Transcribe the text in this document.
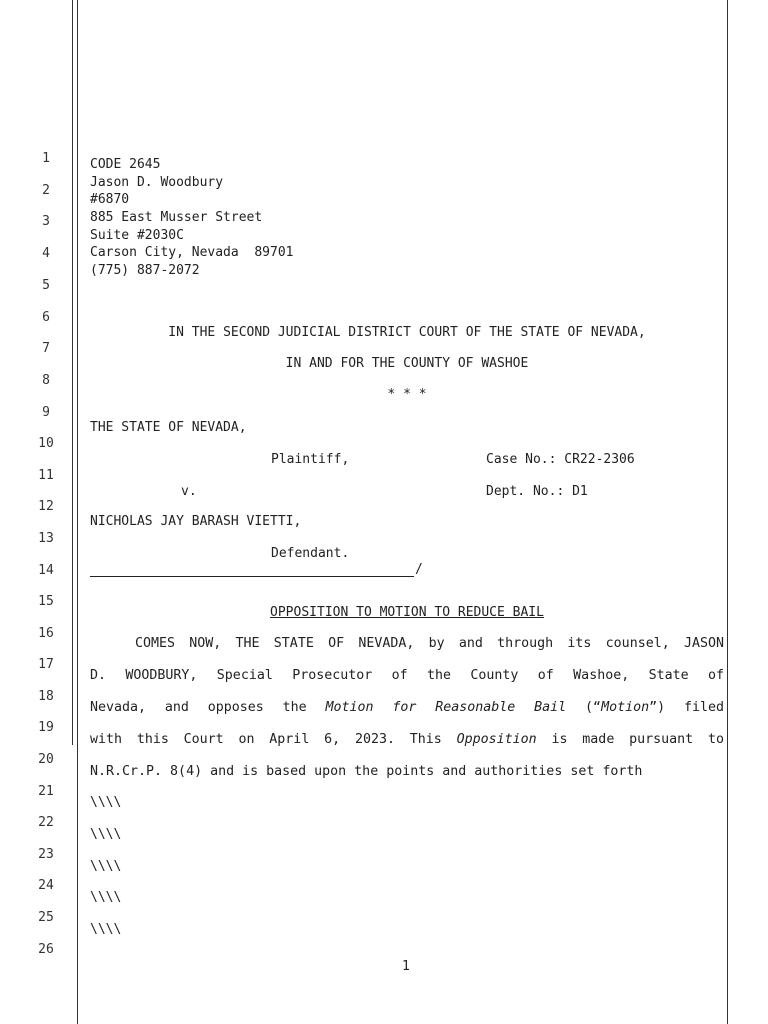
1
2
3
4
5
6
7
8
9
10
11
12
13
14
15
16
17
18
19
20
21
22
23
24
25
26
CODE 2645
Jason D. Woodbury
#6870
885 East Musser Street
Suite #2030C
Carson City, Nevada  89701
(775) 887-2072
IN THE SECOND JUDICIAL DISTRICT COURT OF THE STATE OF NEVADA,
IN AND FOR THE COUNTY OF WASHOE
* * *
THE STATE OF NEVADA,
Plaintiff,	Case No.: CR22-2306
v.	Dept. No.: D1
NICHOLAS JAY BARASH VIETTI,
Defendant.
/
OPPOSITION TO MOTION TO REDUCE BAIL
COMES NOW, THE STATE OF NEVADA, by and through its counsel, JASON
D. WOODBURY, Special Prosecutor of the County of Washoe, State of
Nevada, and opposes the Motion for Reasonable Bail (“Motion”) filed
with this Court on April 6, 2023. This Opposition is made pursuant to
N.R.Cr.P. 8(4) and is based upon the points and authorities set forth
\\\\
\\\\
\\\\
\\\\
\\\\
1
